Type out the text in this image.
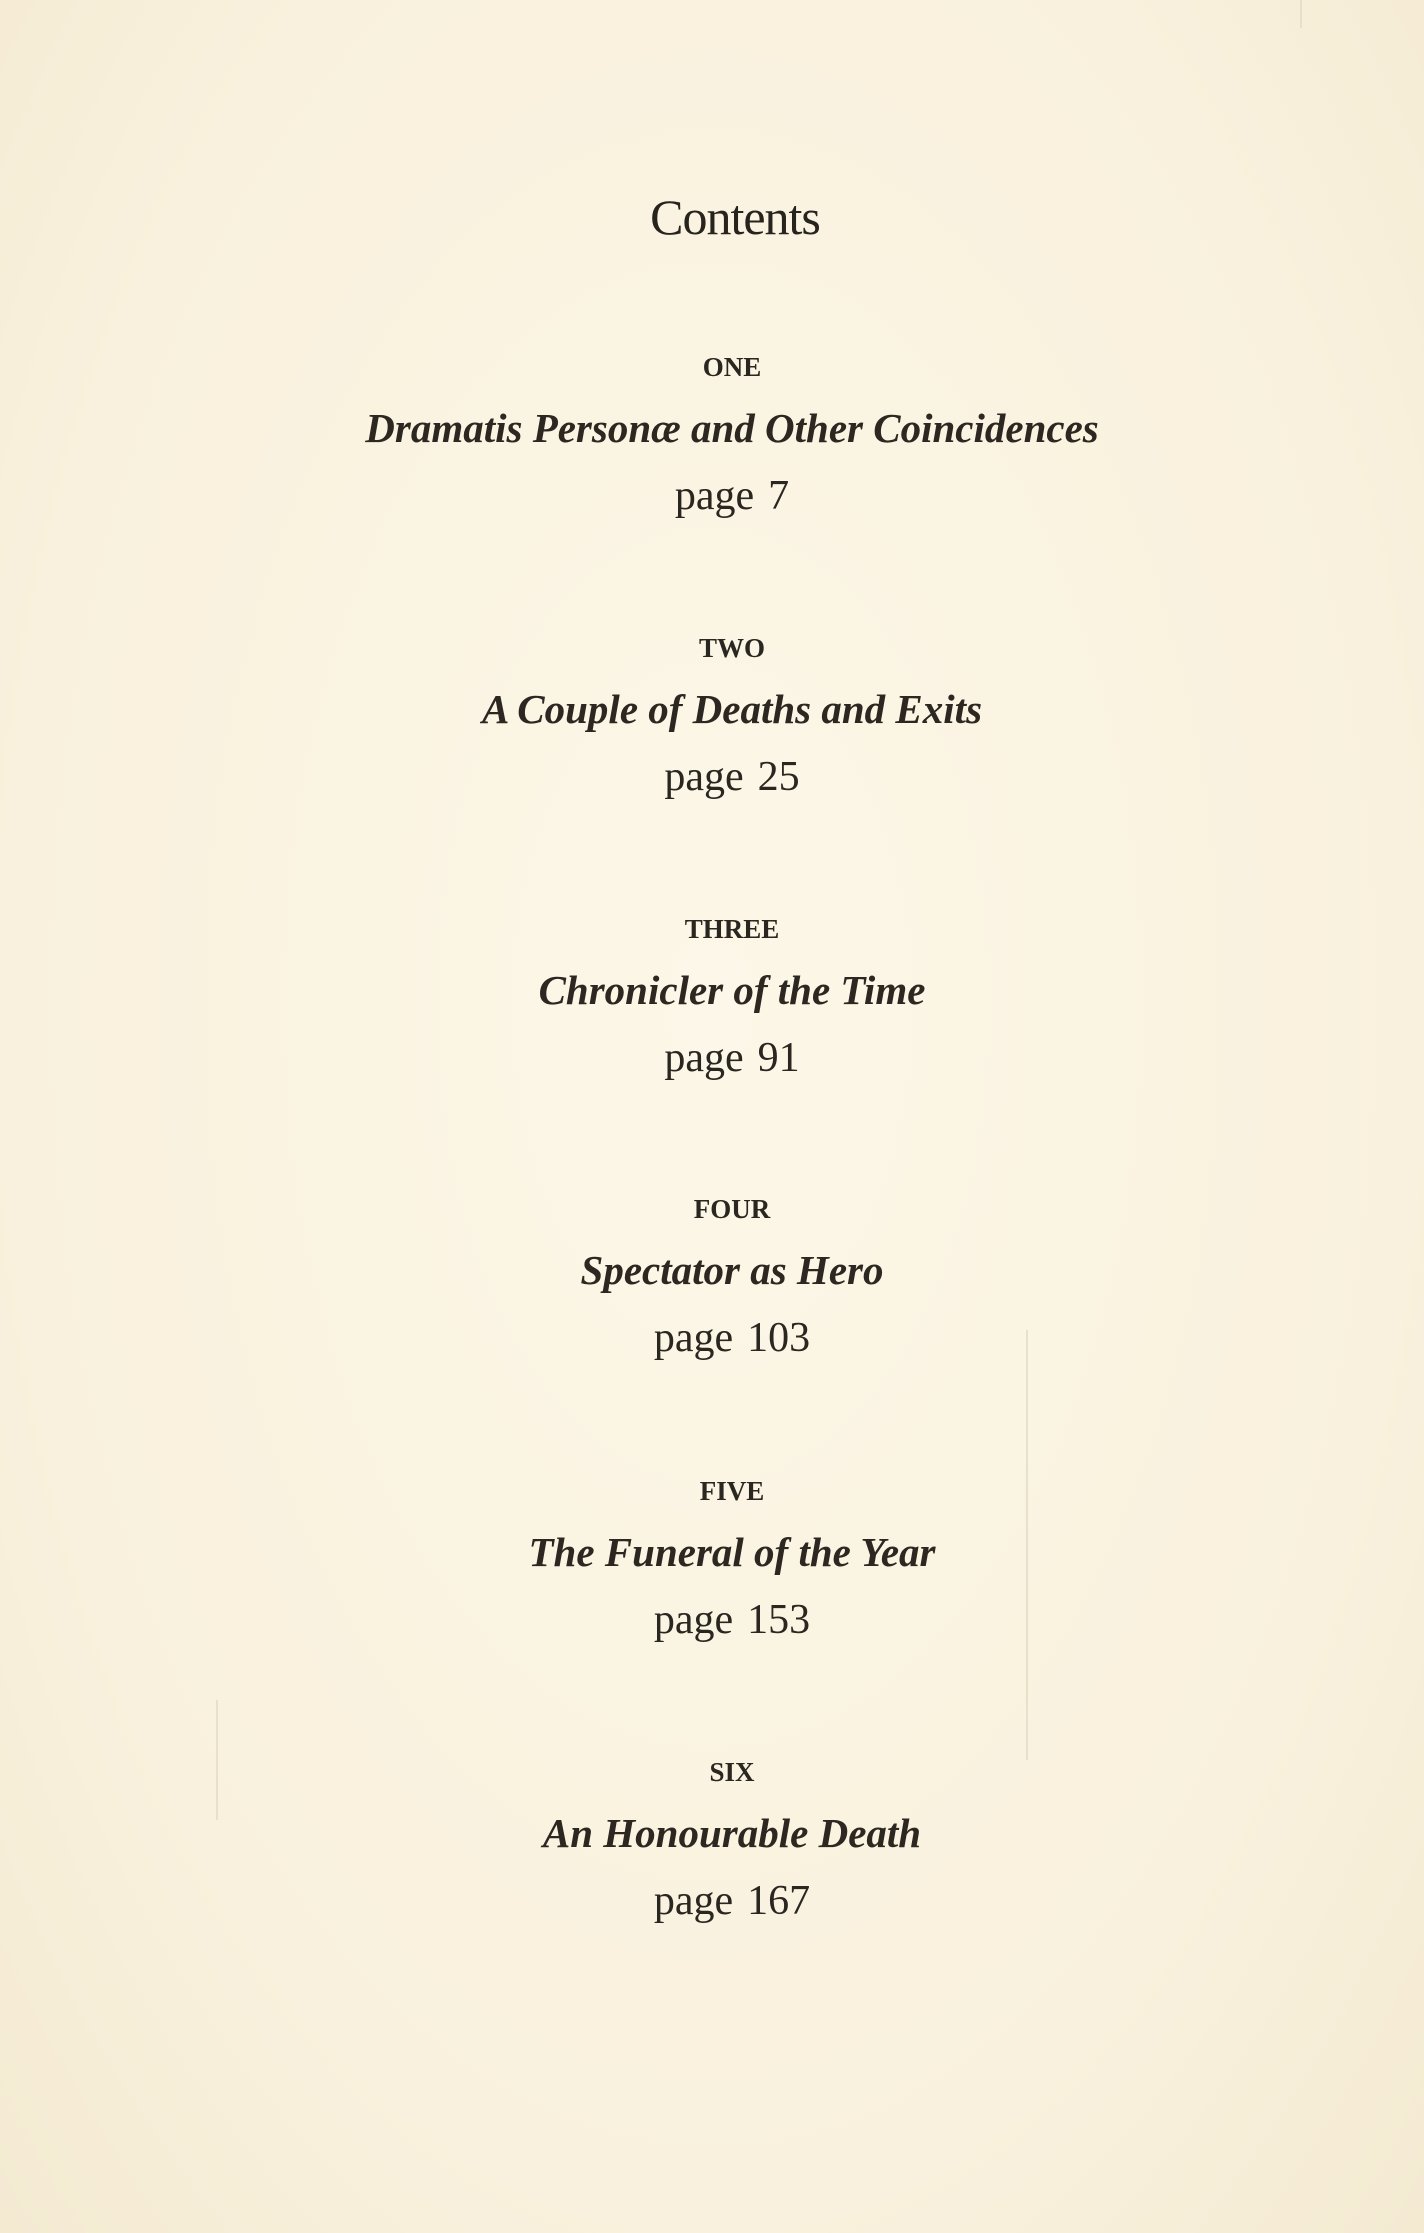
Contents
ONE
Dramatis Personæ and Other Coincidences
page 7
TWO
A Couple of Deaths and Exits
page 25
THREE
Chronicler of the Time
page 91
FOUR
Spectator as Hero
page 103
FIVE
The Funeral of the Year
page 153
SIX
An Honourable Death
page 167
